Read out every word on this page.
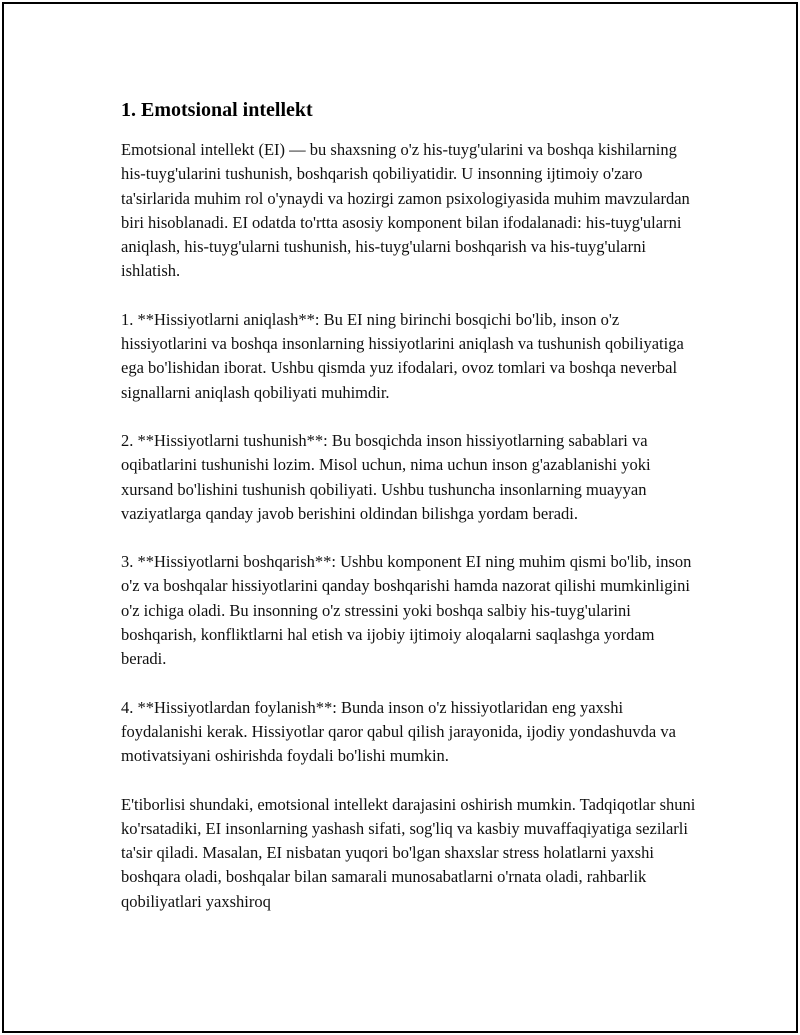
1. Emotsional intellekt

Emotsional intellekt (EI) — bu shaxsning o'z his-tuyg'ularini va boshqa kishilarning his-tuyg'ularini tushunish, boshqarish qobiliyatidir. U insonning ijtimoiy o'zaro ta'sirlarida muhim rol o'ynaydi va hozirgi zamon psixologiyasida muhim mavzulardan biri hisoblanadi. EI odatda to'rtta asosiy komponent bilan ifodalanadi: his-tuyg'ularni aniqlash, his-tuyg'ularni tushunish, his-tuyg'ularni boshqarish va his-tuyg'ularni ishlatish.

1. **Hissiyotlarni aniqlash**: Bu EI ning birinchi bosqichi bo'lib, inson o'z hissiyotlarini va boshqa insonlarning hissiyotlarini aniqlash va tushunish qobiliyatiga ega bo'lishidan iborat. Ushbu qismda yuz ifodalari, ovoz tomlari va boshqa neverbal signallarni aniqlash qobiliyati muhimdir.

2. **Hissiyotlarni tushunish**: Bu bosqichda inson hissiyotlarning sabablari va oqibatlarini tushunishi lozim. Misol uchun, nima uchun inson g'azablanishi yoki xursand bo'lishini tushunish qobiliyati. Ushbu tushuncha insonlarning muayyan vaziyatlarga qanday javob berishini oldindan bilishga yordam beradi.

3. **Hissiyotlarni boshqarish**: Ushbu komponent EI ning muhim qismi bo'lib, inson o'z va boshqalar hissiyotlarini qanday boshqarishi hamda nazorat qilishi mumkinligini o'z ichiga oladi. Bu insonning o'z stressini yoki boshqa salbiy his-tuyg'ularini boshqarish, konfliktlarni hal etish va ijobiy ijtimoiy aloqalarni saqlashga yordam beradi.

4. **Hissiyotlardan foylanish**: Bunda inson o'z hissiyotlaridan eng yaxshi foydalanishi kerak. Hissiyotlar qaror qabul qilish jarayonida, ijodiy yondashuvda va motivatsiyani oshirishda foydali bo'lishi mumkin.

E'tiborlisi shundaki, emotsional intellekt darajasini oshirish mumkin. Tadqiqotlar shuni ko'rsatadiki, EI insonlarning yashash sifati, sog'liq va kasbiy muvaffaqiyatiga sezilarli ta'sir qiladi. Masalan, EI nisbatan yuqori bo'lgan shaxslar stress holatlarni yaxshi boshqara oladi, boshqalar bilan samarali munosabatlarni o'rnata oladi, rahbarlik qobiliyatlari yaxshiroq
